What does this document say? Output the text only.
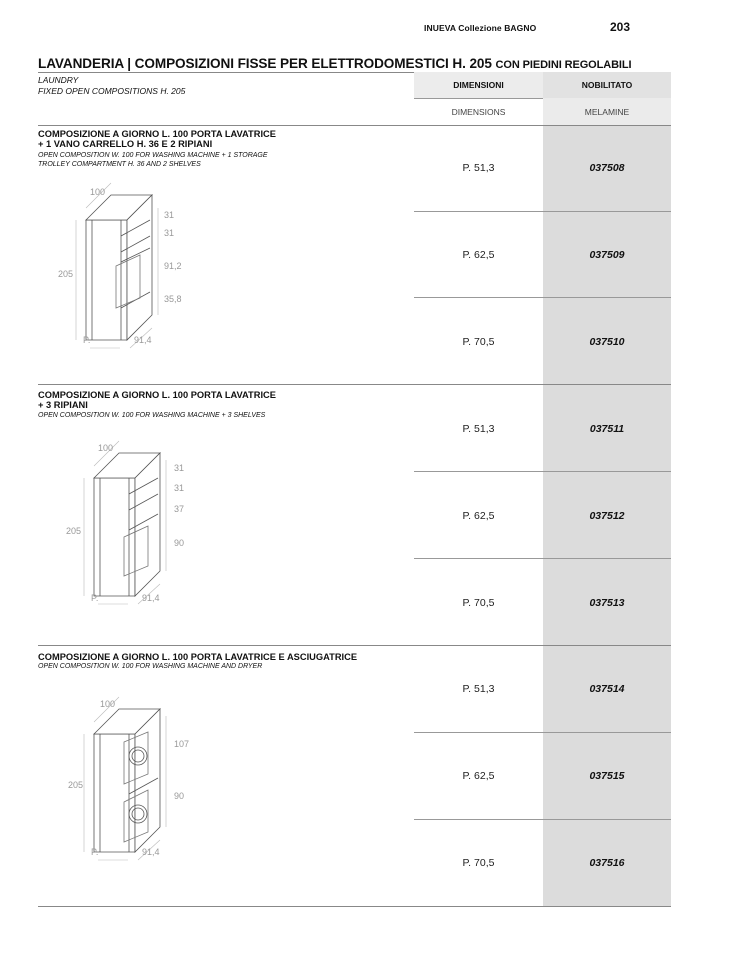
INUEVA Collezione BAGNO	203
LAVANDERIA | COMPOSIZIONI FISSE PER ELETTRODOMESTICI H. 205 CON PIEDINI REGOLABILI
LAUNDRY
FIXED OPEN COMPOSITIONS H. 205
DIMENSIONI	NOBILITATO
DIMENSIONS	MELAMINE
COMPOSIZIONE A GIORNO L. 100 PORTA LAVATRICE
+ 1 VANO CARRELLO H. 36 E 2 RIPIANI
OPEN COMPOSITION W. 100 FOR WASHING MACHINE + 1 STORAGE
TROLLEY COMPARTMENT H. 36 AND 2 SHELVES
100
205
31
31
91,2
35,8
P.	91,4
P. 51,3	037508
P. 62,5	037509
P. 70,5	037510
COMPOSIZIONE A GIORNO L. 100 PORTA LAVATRICE
+ 3 RIPIANI
OPEN COMPOSITION W. 100 FOR WASHING MACHINE + 3 SHELVES
100
205
31
31
37
90
P.	91,4
P. 51,3	037511
P. 62,5	037512
P. 70,5	037513
COMPOSIZIONE A GIORNO L. 100 PORTA LAVATRICE E ASCIUGATRICE
OPEN COMPOSITION W. 100 FOR WASHING MACHINE AND DRYER
100
205
107
90
P.	91,4
P. 51,3	037514
P. 62,5	037515
P. 70,5	037516
